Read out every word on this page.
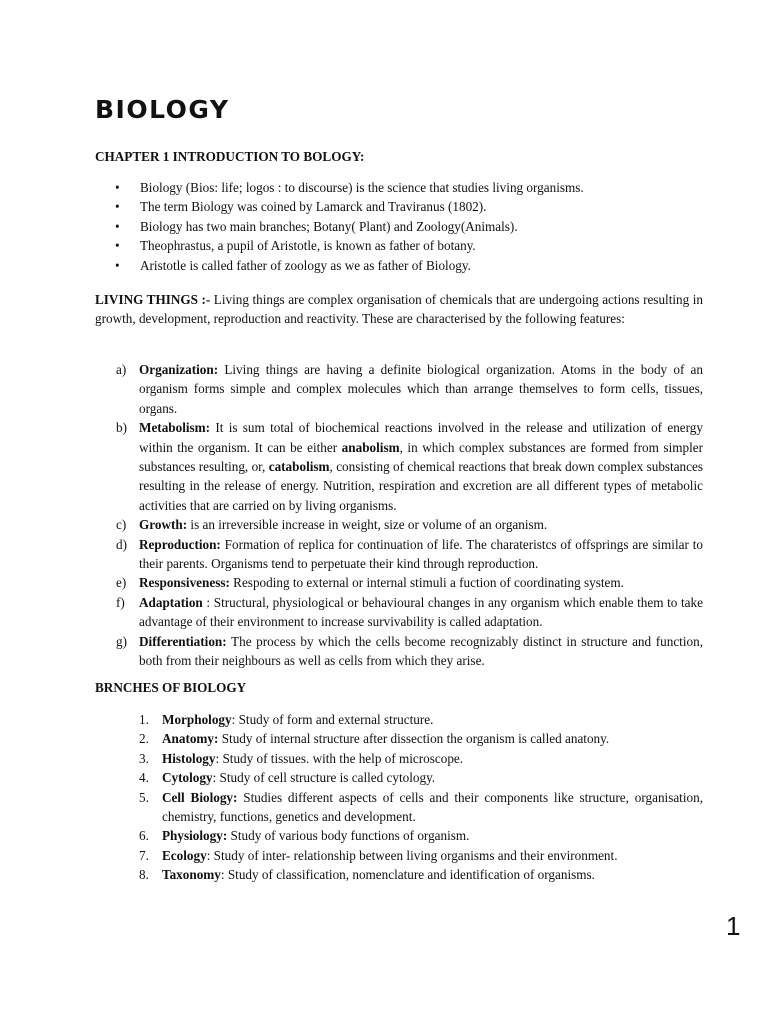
BIOLOGY

CHAPTER 1 INTRODUCTION TO BOLOGY:

• Biology (Bios: life; logos : to discourse) is the science that studies living organisms.
• The term Biology was coined by Lamarck and Traviranus (1802).
• Biology has two main branches; Botany( Plant) and Zoology(Animals).
• Theophrastus, a pupil of Aristotle, is known as father of botany.
• Aristotle is called father of zoology as we as father of Biology.

LIVING THINGS :- Living things are complex organisation of chemicals that are undergoing actions resulting in growth, development, reproduction and reactivity. These are characterised by the following features:

a) Organization: Living things are having a definite biological organization. Atoms in the body of an organism forms simple and complex molecules which than arrange themselves to form cells, tissues, organs.
b) Metabolism: It is sum total of biochemical reactions involved in the release and utilization of energy within the organism. It can be either anabolism, in which complex substances are formed from simpler substances resulting, or, catabolism, consisting of chemical reactions that break down complex substances resulting in the release of energy. Nutrition, respiration and excretion are all different types of metabolic activities that are carried on by living organisms.
c) Growth: is an irreversible increase in weight, size or volume of an organism.
d) Reproduction: Formation of replica for continuation of life. The charateristcs of offsprings are similar to their parents. Organisms tend to perpetuate their kind through reproduction.
e) Responsiveness: Respoding to external or internal stimuli a fuction of coordinating system.
f) Adaptation : Structural, physiological or behavioural changes in any organism which enable them to take advantage of their environment to increase survivability is called adaptation.
g) Differentiation: The process by which the cells become recognizably distinct in structure and function, both from their neighbours as well as cells from which they arise.

BRNCHES OF BIOLOGY

1. Morphology: Study of form and external structure.
2. Anatomy: Study of internal structure after dissection the organism is called anatony.
3. Histology: Study of tissues. with the help of microscope.
4. Cytology: Study of cell structure is called cytology.
5. Cell Biology: Studies different aspects of cells and their components like structure, organisation, chemistry, functions, genetics and development.
6. Physiology: Study of various body functions of organism.
7. Ecology: Study of inter- relationship between living organisms and their environment.
8. Taxonomy: Study of classification, nomenclature and identification of organisms.
1
